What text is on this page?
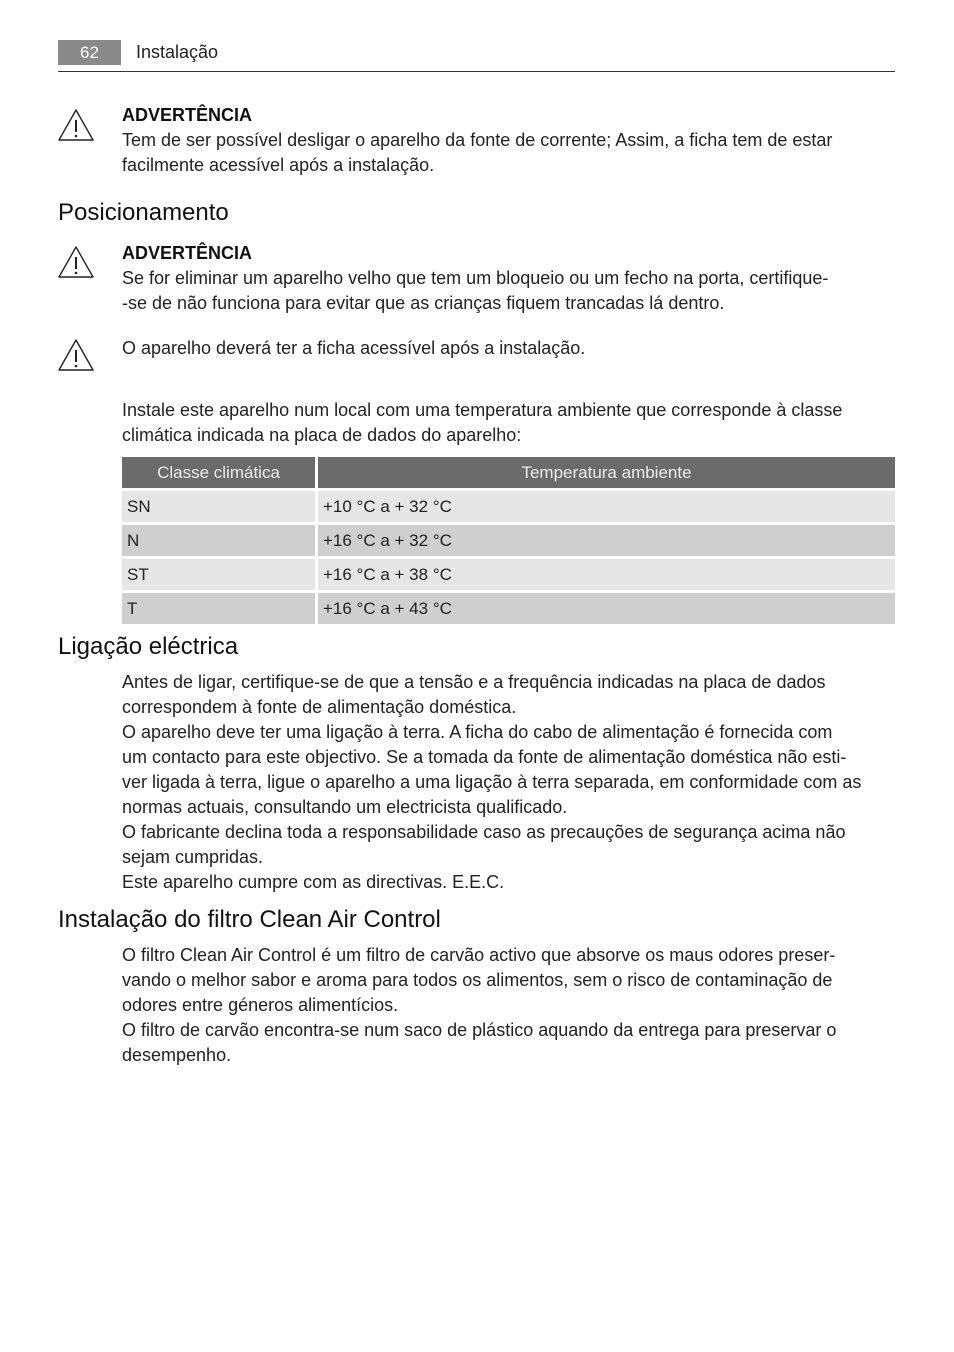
62	Instalação
ADVERTÊNCIA
Tem de ser possível desligar o aparelho da fonte de corrente; Assim, a ficha tem de estar
facilmente acessível após a instalação.
Posicionamento
ADVERTÊNCIA
Se for eliminar um aparelho velho que tem um bloqueio ou um fecho na porta, certifique-
-se de não funciona para evitar que as crianças fiquem trancadas lá dentro.
O aparelho deverá ter a ficha acessível após a instalação.
Instale este aparelho num local com uma temperatura ambiente que corresponde à classe
climática indicada na placa de dados do aparelho:
Classe climática		Temperatura ambiente
SN		+10 °C a + 32 °C
N		+16 °C a + 32 °C
ST		+16 °C a + 38 °C
T		+16 °C a + 43 °C
Ligação eléctrica
Antes de ligar, certifique-se de que a tensão e a frequência indicadas na placa de dados
correspondem à fonte de alimentação doméstica.
O aparelho deve ter uma ligação à terra. A ficha do cabo de alimentação é fornecida com
um contacto para este objectivo. Se a tomada da fonte de alimentação doméstica não esti-
ver ligada à terra, ligue o aparelho a uma ligação à terra separada, em conformidade com as
normas actuais, consultando um electricista qualificado.
O fabricante declina toda a responsabilidade caso as precauções de segurança acima não
sejam cumpridas.
Este aparelho cumpre com as directivas. E.E.C.
Instalação do filtro Clean Air Control
O filtro Clean Air Control é um filtro de carvão activo que absorve os maus odores preser-
vando o melhor sabor e aroma para todos os alimentos, sem o risco de contaminação de
odores entre géneros alimentícios.
O filtro de carvão encontra-se num saco de plástico aquando da entrega para preservar o
desempenho.
